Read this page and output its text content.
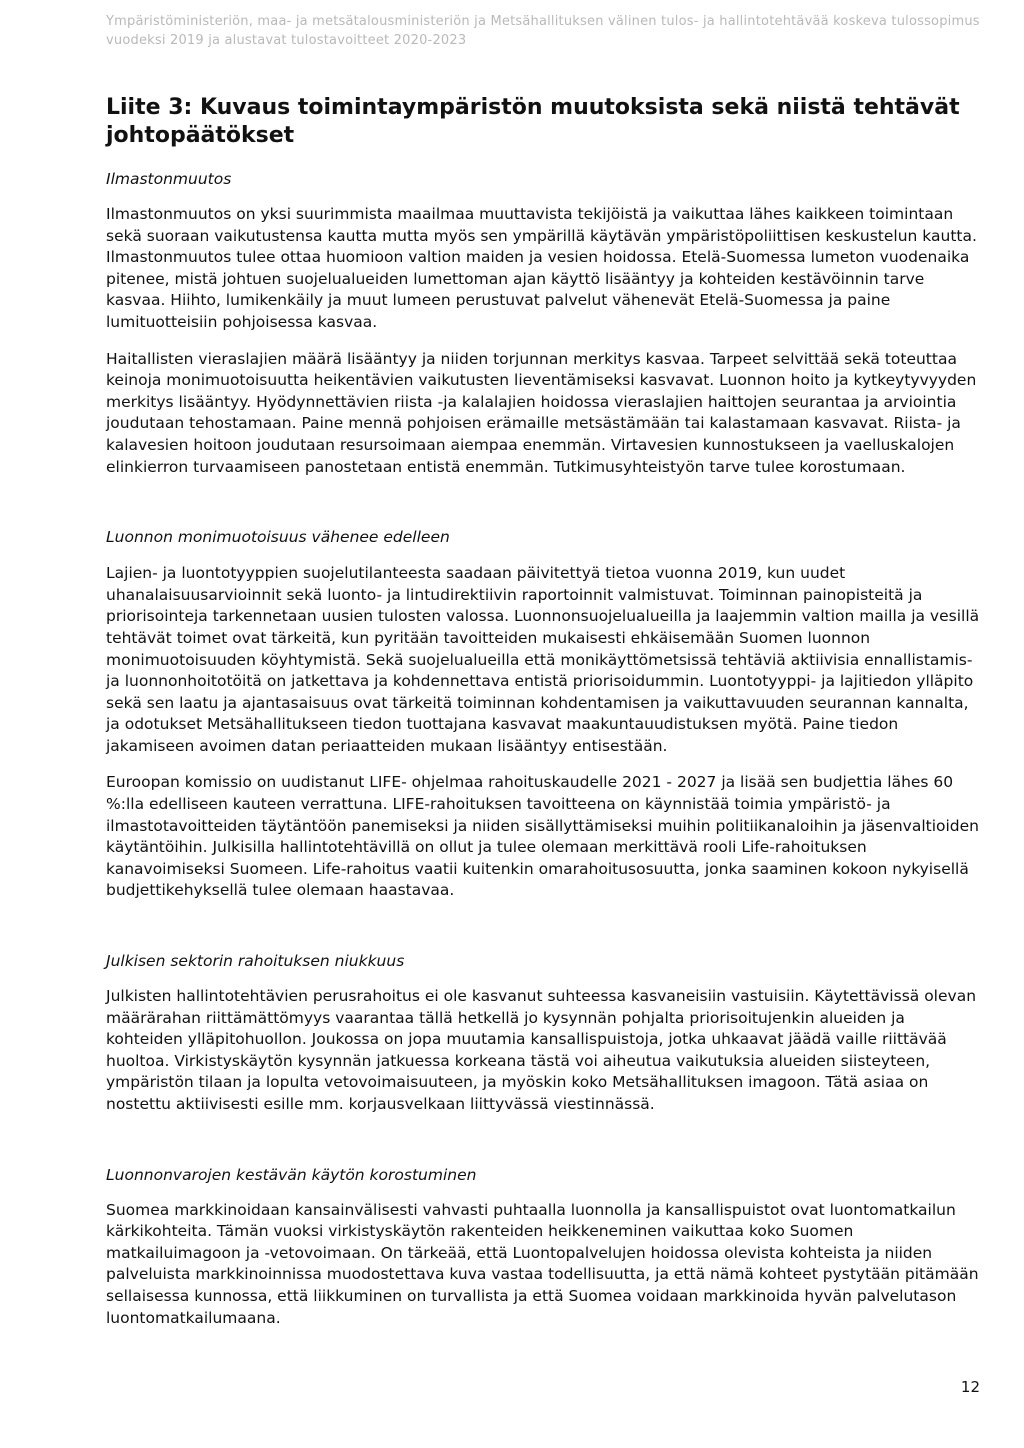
Ympäristöministeriön, maa- ja metsätalousministeriön ja Metsähallituksen välinen tulos- ja hallintotehtävää koskeva tulossopimus
vuodeksi 2019 ja alustavat tulostavoitteet 2020-2023
Liite 3: Kuvaus toimintaympäristön muutoksista sekä niistä tehtävät johtopäätökset
Ilmastonmuutos

Ilmastonmuutos on yksi suurimmista maailmaa muuttavista tekijöistä ja vaikuttaa lähes kaikkeen toimintaan sekä suoraan vaikutustensa kautta mutta myös sen ympärillä käytävän ympäristöpoliittisen keskustelun kautta. Ilmastonmuutos tulee ottaa huomioon valtion maiden ja vesien hoidossa. Etelä-Suomessa lumeton vuodenaika pitenee, mistä johtuen suojelualueiden lumettoman ajan käyttö lisääntyy ja kohteiden kestävöinnin tarve kasvaa. Hiihto, lumikenkäily ja muut lumeen perustuvat palvelut vähenevät Etelä-Suomessa ja paine lumituotteisiin pohjoisessa kasvaa.

Haitallisten vieraslajien määrä lisääntyy ja niiden torjunnan merkitys kasvaa. Tarpeet selvittää sekä toteuttaa keinoja monimuotoisuutta heikentävien vaikutusten lieventämiseksi kasvavat. Luonnon hoito ja kytkeytyvyyden merkitys lisääntyy. Hyödynnettävien riista -ja kalalajien hoidossa vieraslajien haittojen seurantaa ja arviointia joudutaan tehostamaan. Paine mennä pohjoisen erämaille metsästämään tai kalastamaan kasvavat. Riista- ja kalavesien hoitoon joudutaan resursoimaan aiempaa enemmän. Virtavesien kunnostukseen ja vaelluskalojen elinkierron turvaamiseen panostetaan entistä enemmän. Tutkimusyhteistyön tarve tulee korostumaan.

Luonnon monimuotoisuus vähenee edelleen

Lajien- ja luontotyyppien suojelutilanteesta saadaan päivitettyä tietoa vuonna 2019, kun uudet uhanalaisuusarvioinnit sekä luonto- ja lintudirektiivin raportoinnit valmistuvat. Toiminnan painopisteitä ja priorisointeja tarkennetaan uusien tulosten valossa. Luonnonsuojelualueilla ja laajemmin valtion mailla ja vesillä tehtävät toimet ovat tärkeitä, kun pyritään tavoitteiden mukaisesti ehkäisemään Suomen luonnon monimuotoisuuden köyhtymistä. Sekä suojelualueilla että monikäyttömetsissä tehtäviä aktiivisia ennallistamis- ja luonnonhoitotöitä on jatkettava ja kohdennettava entistä priorisoidummin. Luontotyyppi- ja lajitiedon ylläpito sekä sen laatu ja ajantasaisuus ovat tärkeitä toiminnan kohdentamisen ja vaikuttavuuden seurannan kannalta, ja odotukset Metsähallitukseen tiedon tuottajana kasvavat maakuntauudistuksen myötä. Paine tiedon jakamiseen avoimen datan periaatteiden mukaan lisääntyy entisestään.

Euroopan komissio on uudistanut LIFE- ohjelmaa rahoituskaudelle 2021 - 2027 ja lisää sen budjettia lähes 60 %:lla edelliseen kauteen verrattuna. LIFE-rahoituksen tavoitteena on käynnistää toimia ympäristö- ja ilmastotavoitteiden täytäntöön panemiseksi ja niiden sisällyttämiseksi muihin politiikanaloihin ja jäsenvaltioiden käytäntöihin. Julkisilla hallintotehtävillä on ollut ja tulee olemaan merkittävä rooli Life-rahoituksen kanavoimiseksi Suomeen. Life-rahoitus vaatii kuitenkin omarahoitusosuutta, jonka saaminen kokoon nykyisellä budjettikehyksellä tulee olemaan haastavaa.

Julkisen sektorin rahoituksen niukkuus

Julkisten hallintotehtävien perusrahoitus ei ole kasvanut suhteessa kasvaneisiin vastuisiin. Käytettävissä olevan määrärahan riittämättömyys vaarantaa tällä hetkellä jo kysynnän pohjalta priorisoitujenkin alueiden ja kohteiden ylläpitohuollon. Joukossa on jopa muutamia kansallispuistoja, jotka uhkaavat jäädä vaille riittävää huoltoa. Virkistyskäytön kysynnän jatkuessa korkeana tästä voi aiheutua vaikutuksia alueiden siisteyteen, ympäristön tilaan ja lopulta vetovoimaisuuteen, ja myöskin koko Metsähallituksen imagoon. Tätä asiaa on nostettu aktiivisesti esille mm. korjausvelkaan liittyvässä viestinnässä.

Luonnonvarojen kestävän käytön korostuminen

Suomea markkinoidaan kansainvälisesti vahvasti puhtaalla luonnolla ja kansallispuistot ovat luontomatkailun kärkikohteita. Tämän vuoksi virkistyskäytön rakenteiden heikkeneminen vaikuttaa koko Suomen matkailuimagoon ja -vetovoimaan. On tärkeää, että Luontopalvelujen hoidossa olevista kohteista ja niiden palveluista markkinoinnissa muodostettava kuva vastaa todellisuutta, ja että nämä kohteet pystytään pitämään sellaisessa kunnossa, että liikkuminen on turvallista ja että Suomea voidaan markkinoida hyvän palvelutason luontomatkailumaana.

12
